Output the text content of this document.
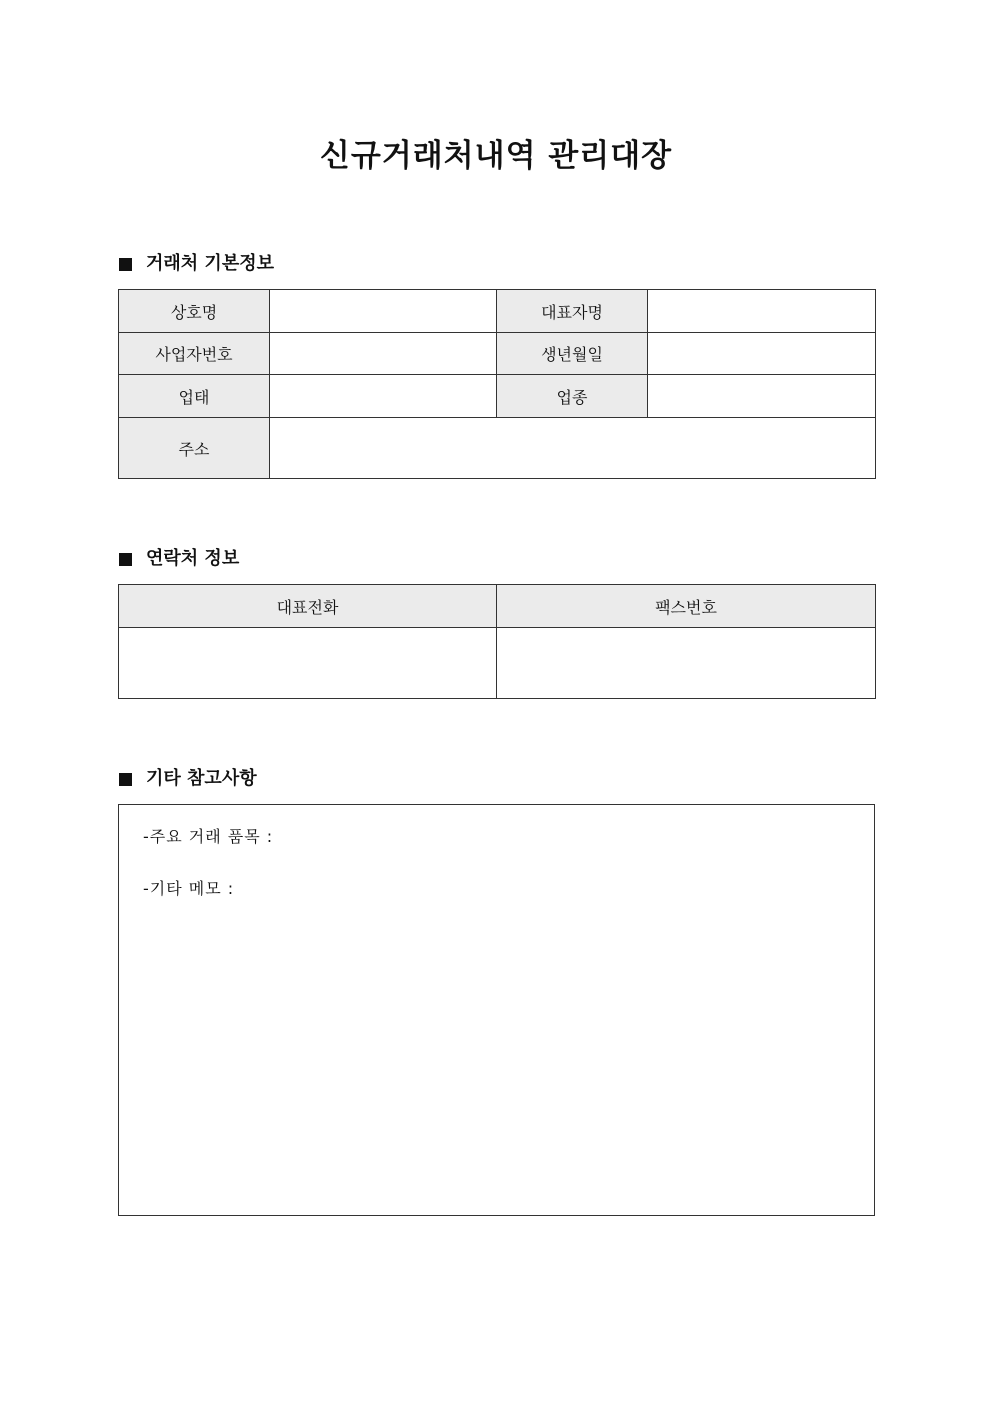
신규거래처내역 관리대장
거래처 기본정보
상호명		대표자명	
사업자번호		생년월일	
업태		업종	
주소			
연락처 정보
대표전화	팩스번호

기타 참고사항
-주요 거래 품목 :
-기타 메모 :
